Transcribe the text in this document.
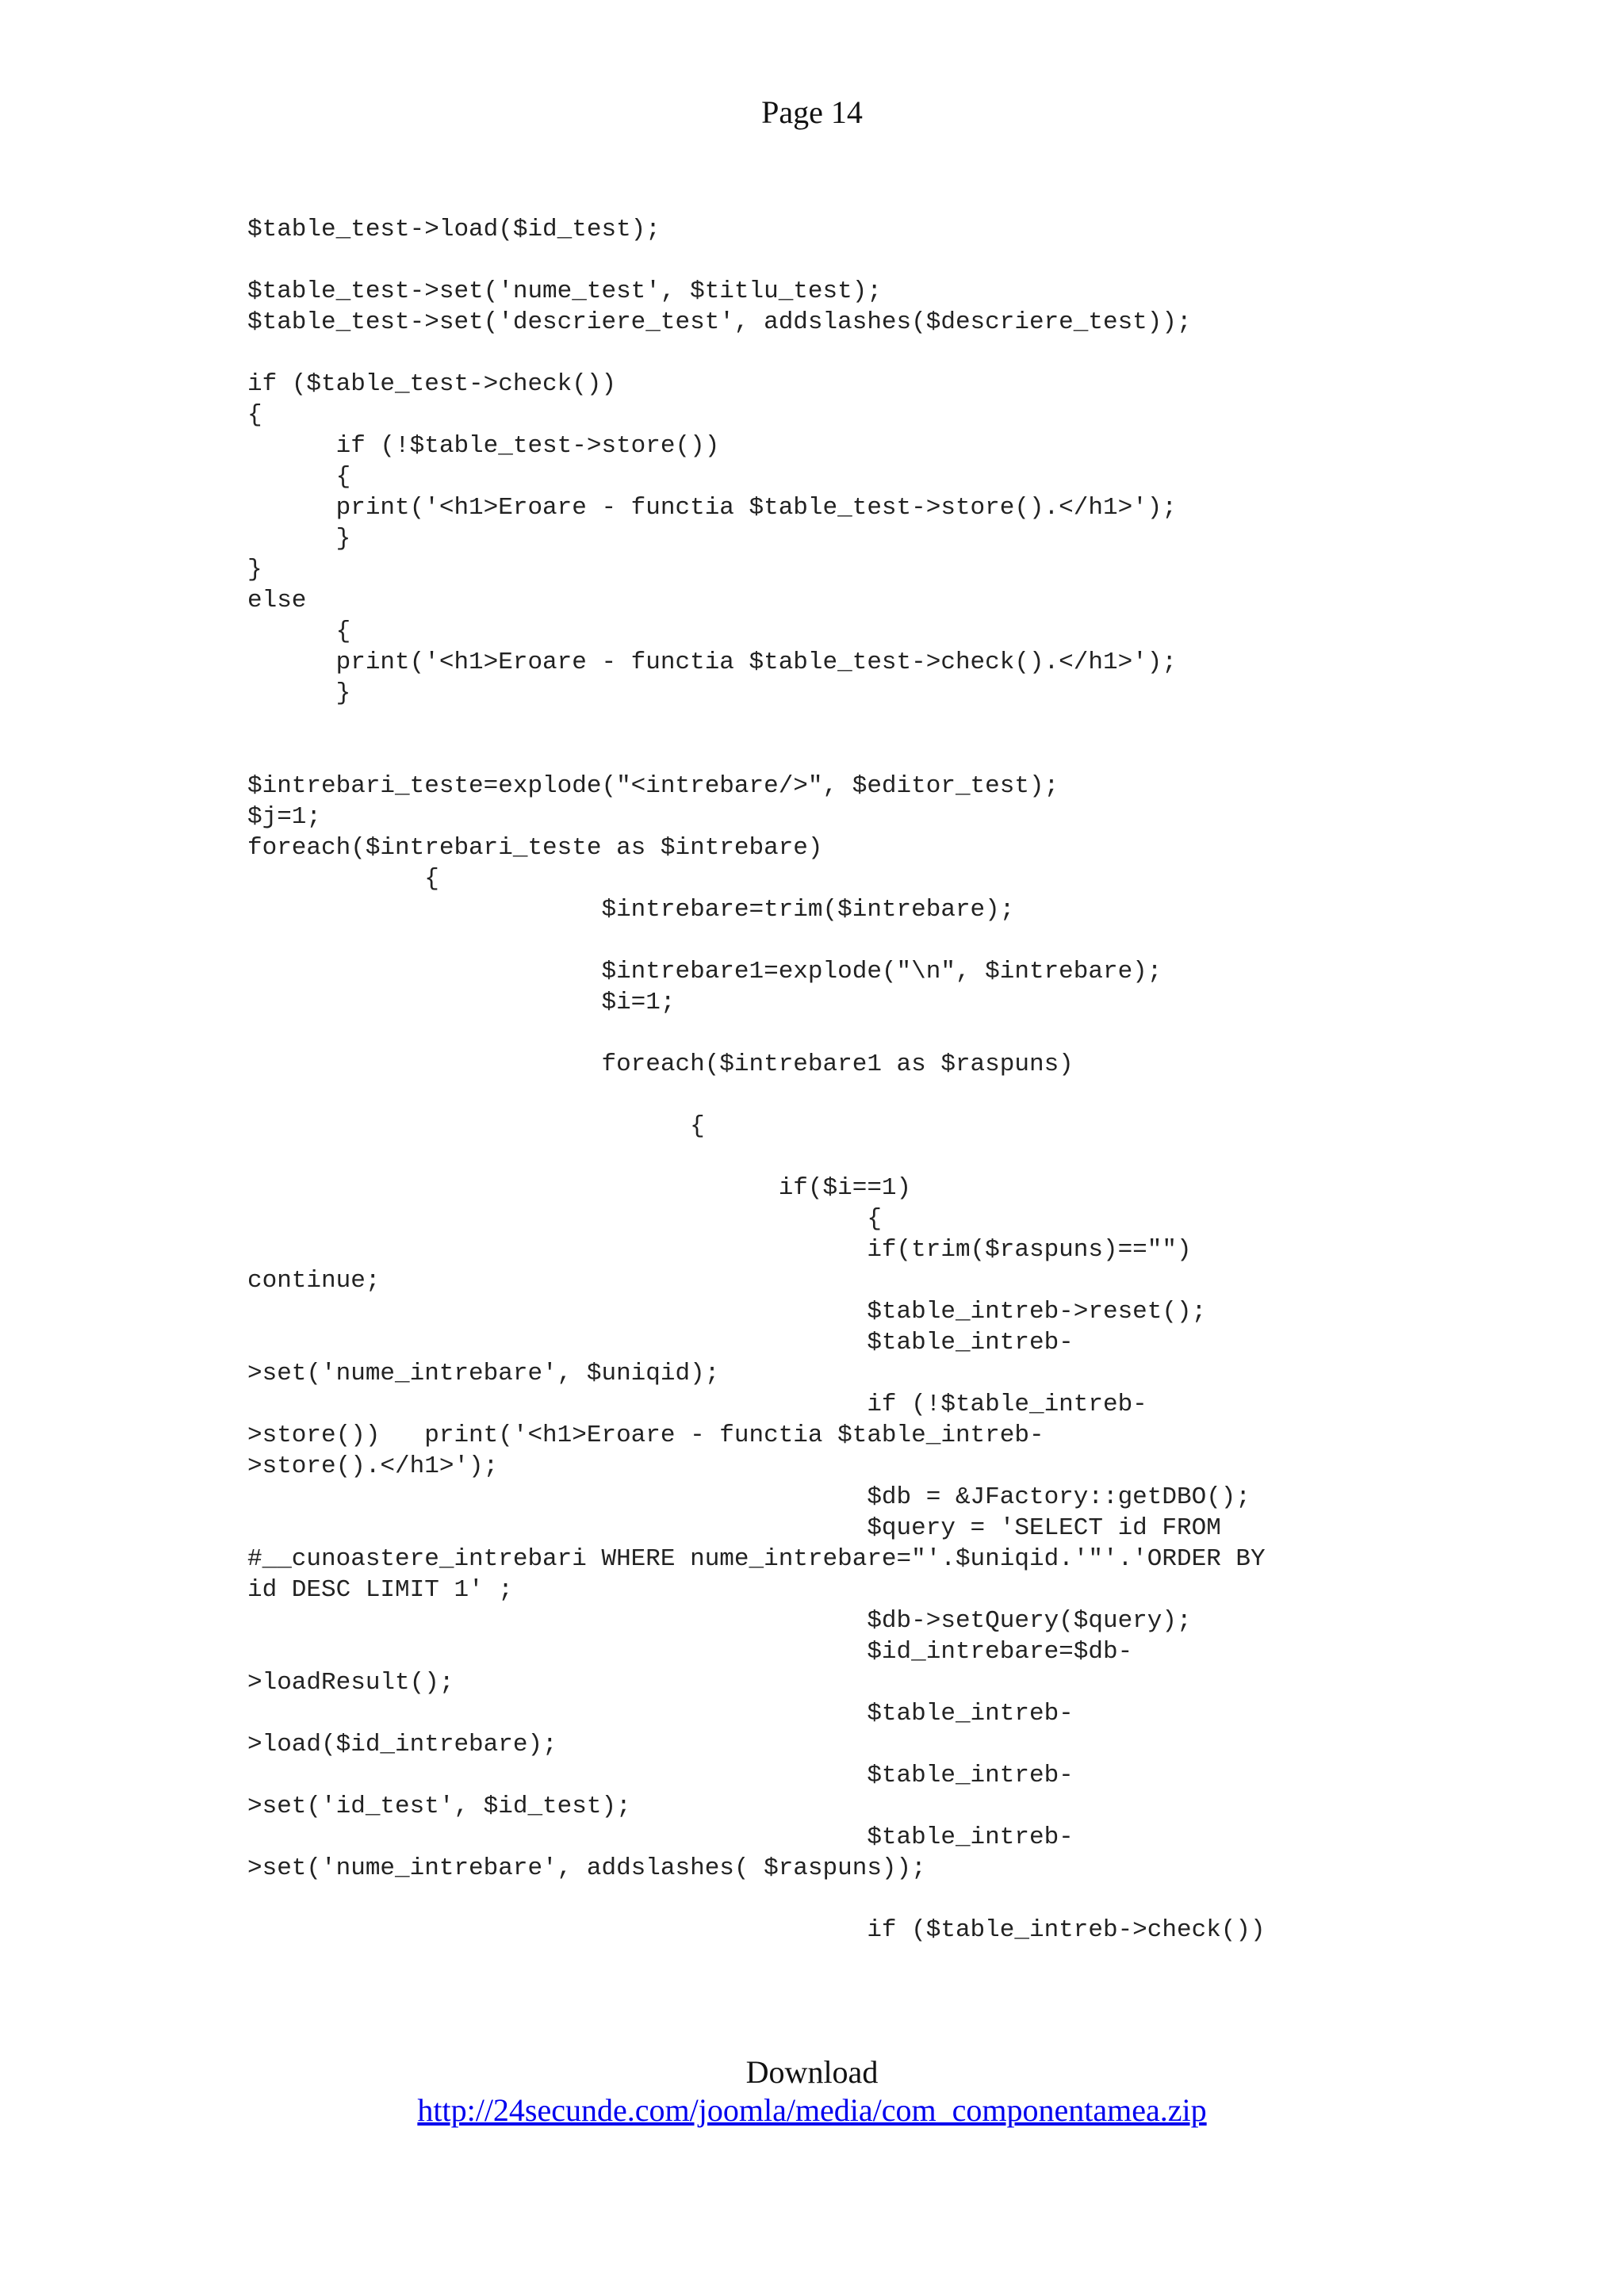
Page 14
$table_test->load($id_test);
$table_test->set('nume_test', $titlu_test);
$table_test->set('descriere_test', addslashes($descriere_test));
if ($table_test->check())
{
if (!$table_test->store())
{
print('<h1>Eroare - functia $table_test->store().</h1>');
}
}
else
{
print('<h1>Eroare - functia $table_test->check().</h1>');
}
$intrebari_teste=explode("<intrebare/>", $editor_test);
$j=1;
foreach($intrebari_teste as $intrebare)
{
$intrebare=trim($intrebare);
$intrebare1=explode("\n", $intrebare);
$i=1;
foreach($intrebare1 as $raspuns)
{
if($i==1)
{
if(trim($raspuns)=="")
continue;
$table_intreb->reset();
$table_intreb-
>set('nume_intrebare', $uniqid);
if (!$table_intreb-
>store())   print('<h1>Eroare - functia $table_intreb-
>store().</h1>');
$db = &JFactory::getDBO();
$query = 'SELECT id FROM
#__cunoastere_intrebari WHERE nume_intrebare="'.$uniqid.'"'.'ORDER BY
id DESC LIMIT 1' ;
$db->setQuery($query);
$id_intrebare=$db-
>loadResult();
$table_intreb-
>load($id_intrebare);
$table_intreb-
>set('id_test', $id_test);
$table_intreb-
>set('nume_intrebare', addslashes( $raspuns));
if ($table_intreb->check())
Download
http://24secunde.com/joomla/media/com_componentamea.zip
